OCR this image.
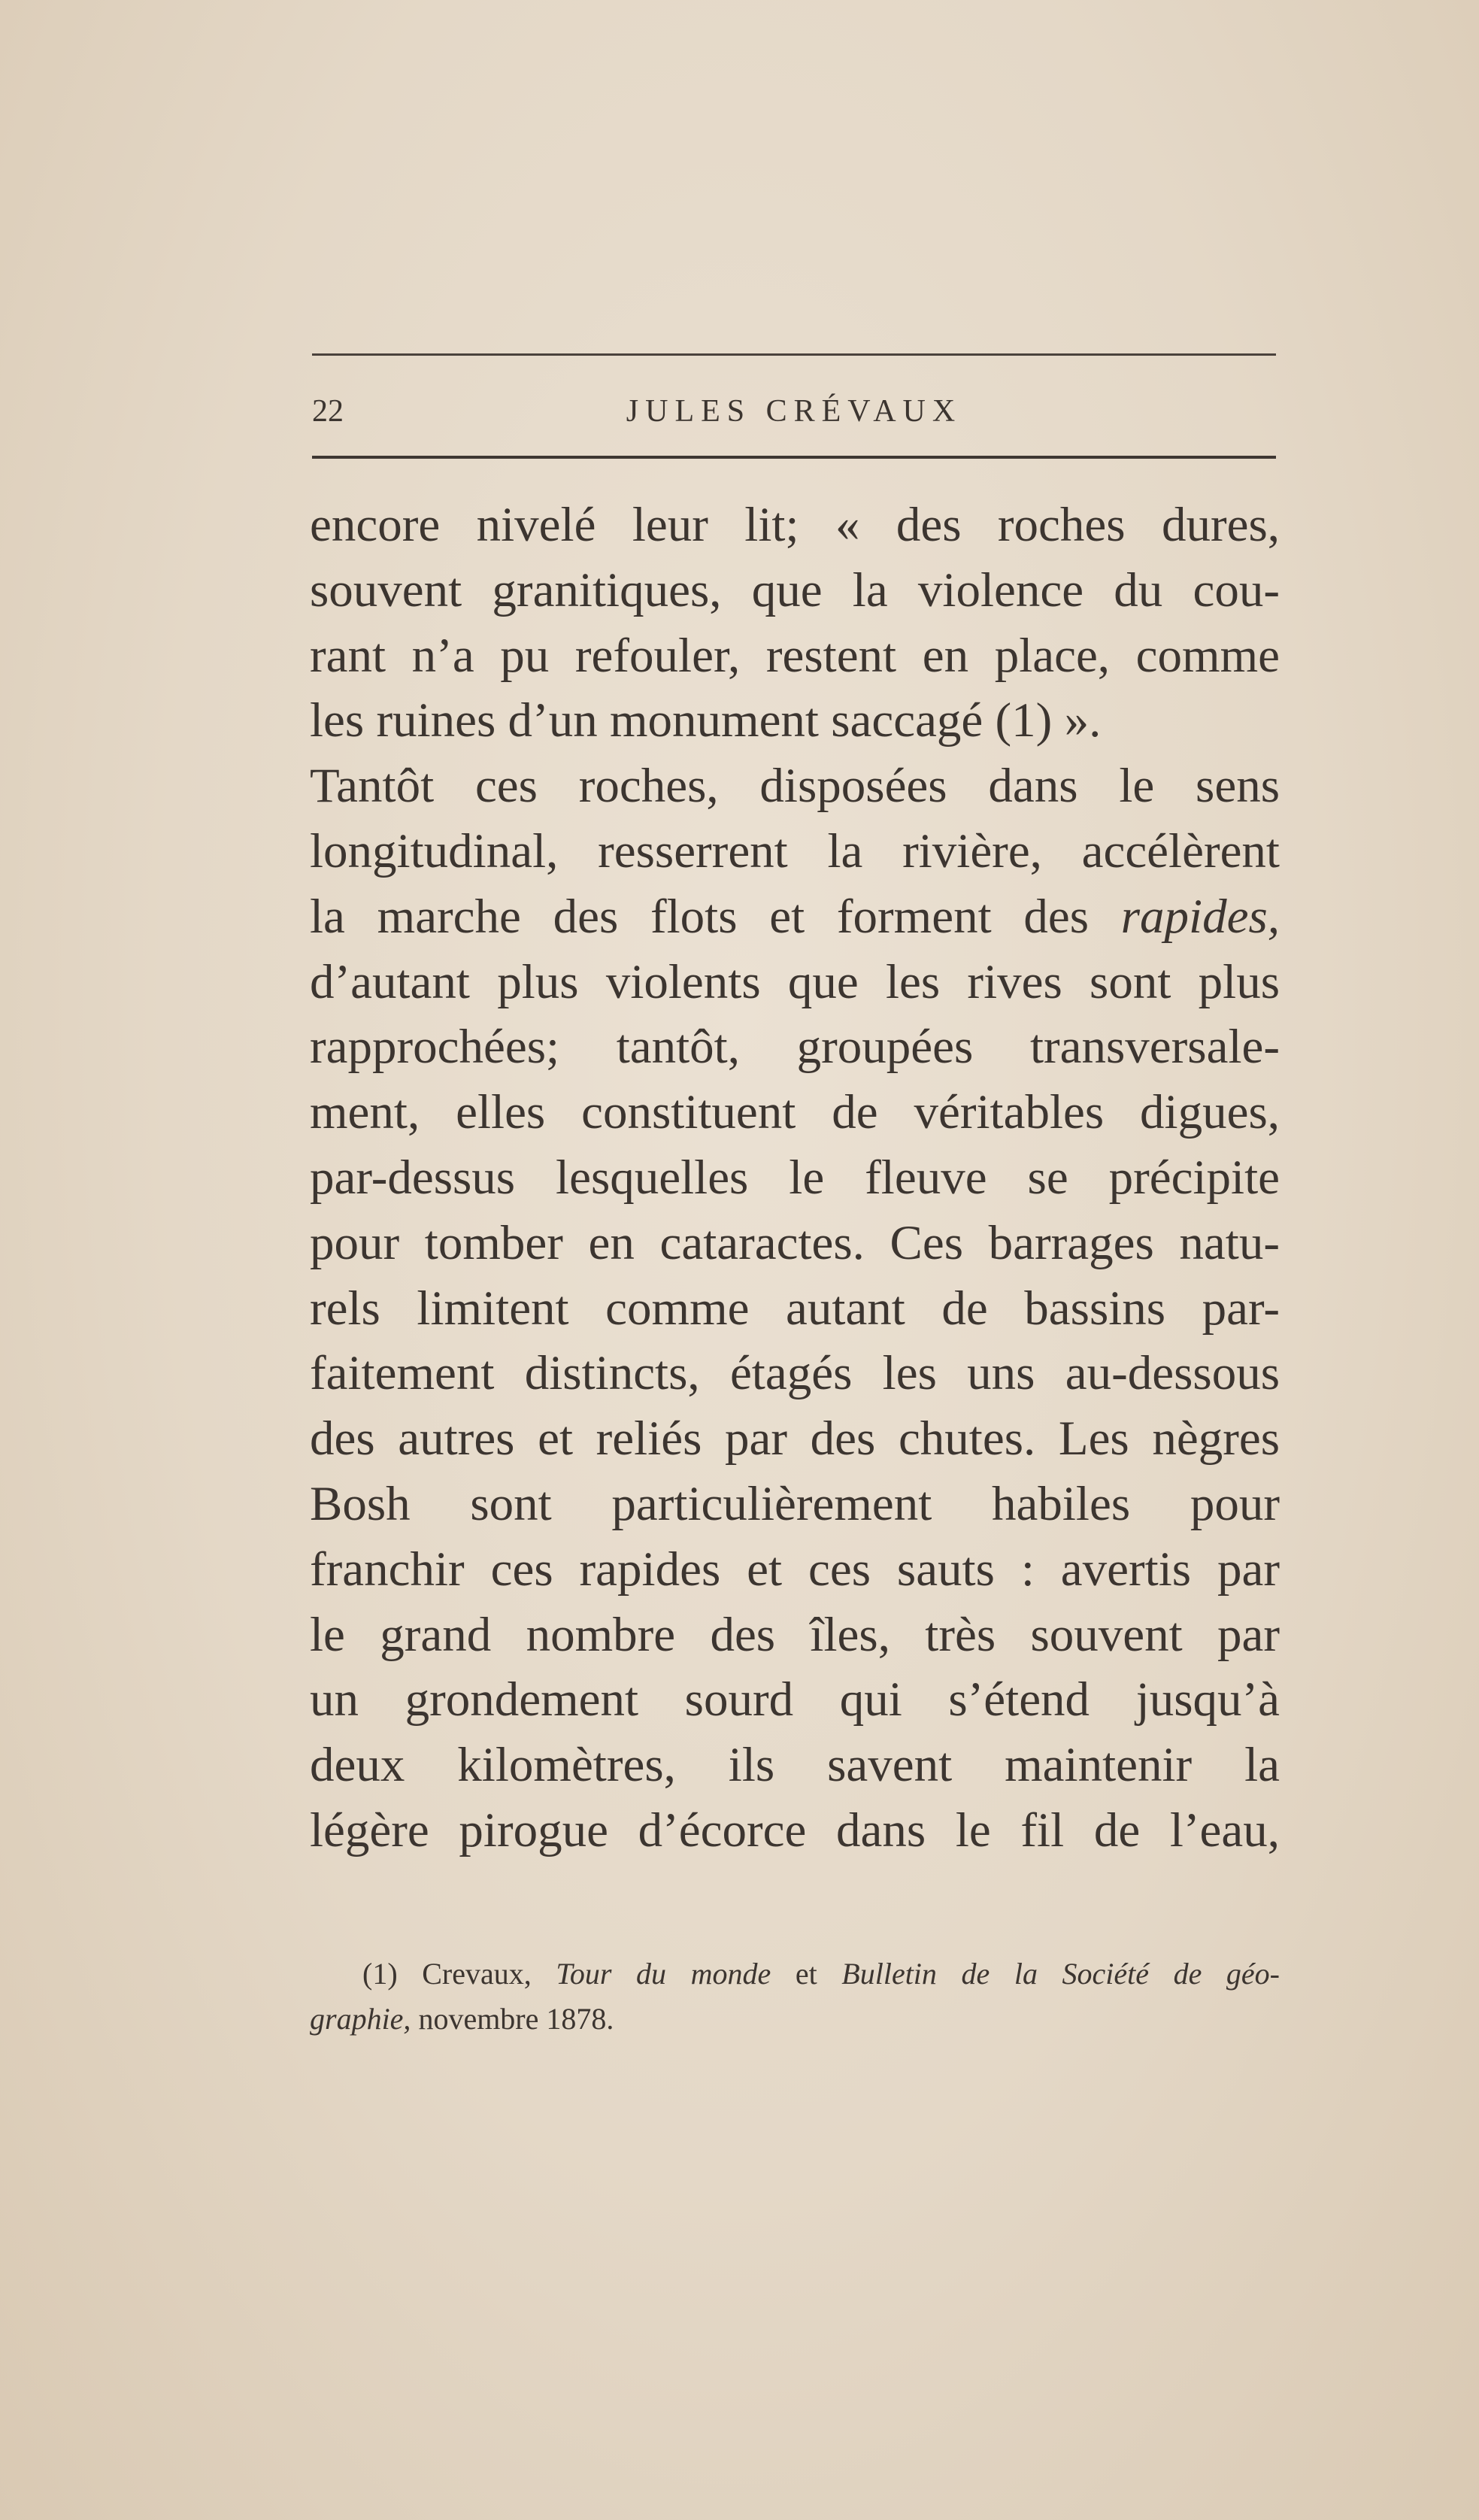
22	JULES CRÉVAUX
encore nivelé leur lit; « des roches dures,
souvent granitiques, que la violence du cou-
rant n’a pu refouler, restent en place, comme
les ruines d’un monument saccagé (1) ».
Tantôt ces roches, disposées dans le sens
longitudinal, resserrent la rivière, accélèrent
la marche des flots et forment des rapides,
d’autant plus violents que les rives sont plus
rapprochées; tantôt, groupées transversale-
ment, elles constituent de véritables digues,
par-dessus lesquelles le fleuve se précipite
pour tomber en cataractes. Ces barrages natu-
rels limitent comme autant de bassins par-
faitement distincts, étagés les uns au-dessous
des autres et reliés par des chutes. Les nègres
Bosh sont particulièrement habiles pour
franchir ces rapides et ces sauts : avertis par
le grand nombre des îles, très souvent par
un grondement sourd qui s’étend jusqu’à
deux kilomètres, ils savent maintenir la
légère pirogue d’écorce dans le fil de l’eau,
(1) Crevaux, Tour du monde et Bulletin de la Société de géo-
graphie, novembre 1878.
